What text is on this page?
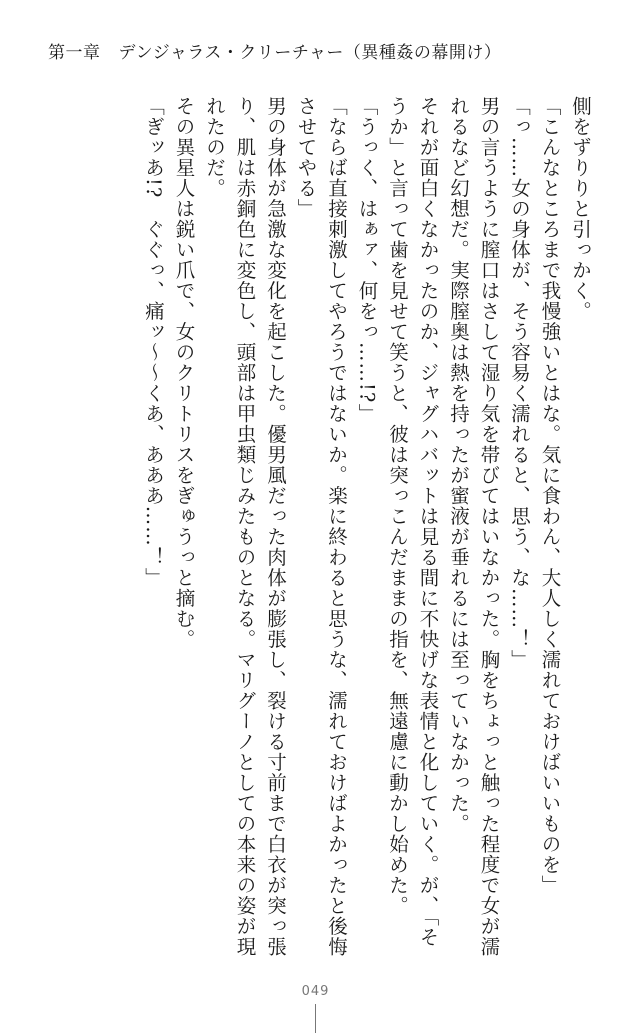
第一章 デンジャラス・クリーチャー（異種姦の幕開け）

側をずりりと引っかく。

「こんなところまで我慢強いとはな。気に食わん、大人しく濡れておけばいいものを」

「っ……女の身体が、そう容易く濡れると、思う、な……！」

男の言うように膣口はさして湿り気を帯びてはいなかった。胸をちょっと触った程度で女が濡れるなど幻想だ。実際膣奥は熱を持ったが蜜液が垂れるには至っていなかった。

それが面白くなかったのか、ジャグハバットは見る間に不快げな表情と化していく。が、「そうか」と言って歯を見せて笑うと、彼は突っこんだままの指を、無遠慮に動かし始めた。

「うっく、はぁァ、何をっ……!?」

「ならば直接刺激してやろうではないか。楽に終わると思うな、濡れておけばよかったと後悔させてやる」

男の身体が急激な変化を起こした。優男風だった肉体が膨張し、裂ける寸前まで白衣が突っ張り、肌は赤銅色に変色し、頭部は甲虫類じみたものとなる。マリグーノとしての本来の姿が現れたのだ。

その異星人は鋭い爪で、女のクリトリスをぎゅうっと摘む。

「ぎッあ!?　ぐぐっ、痛ッ～～くあ、あああ……！」

049
